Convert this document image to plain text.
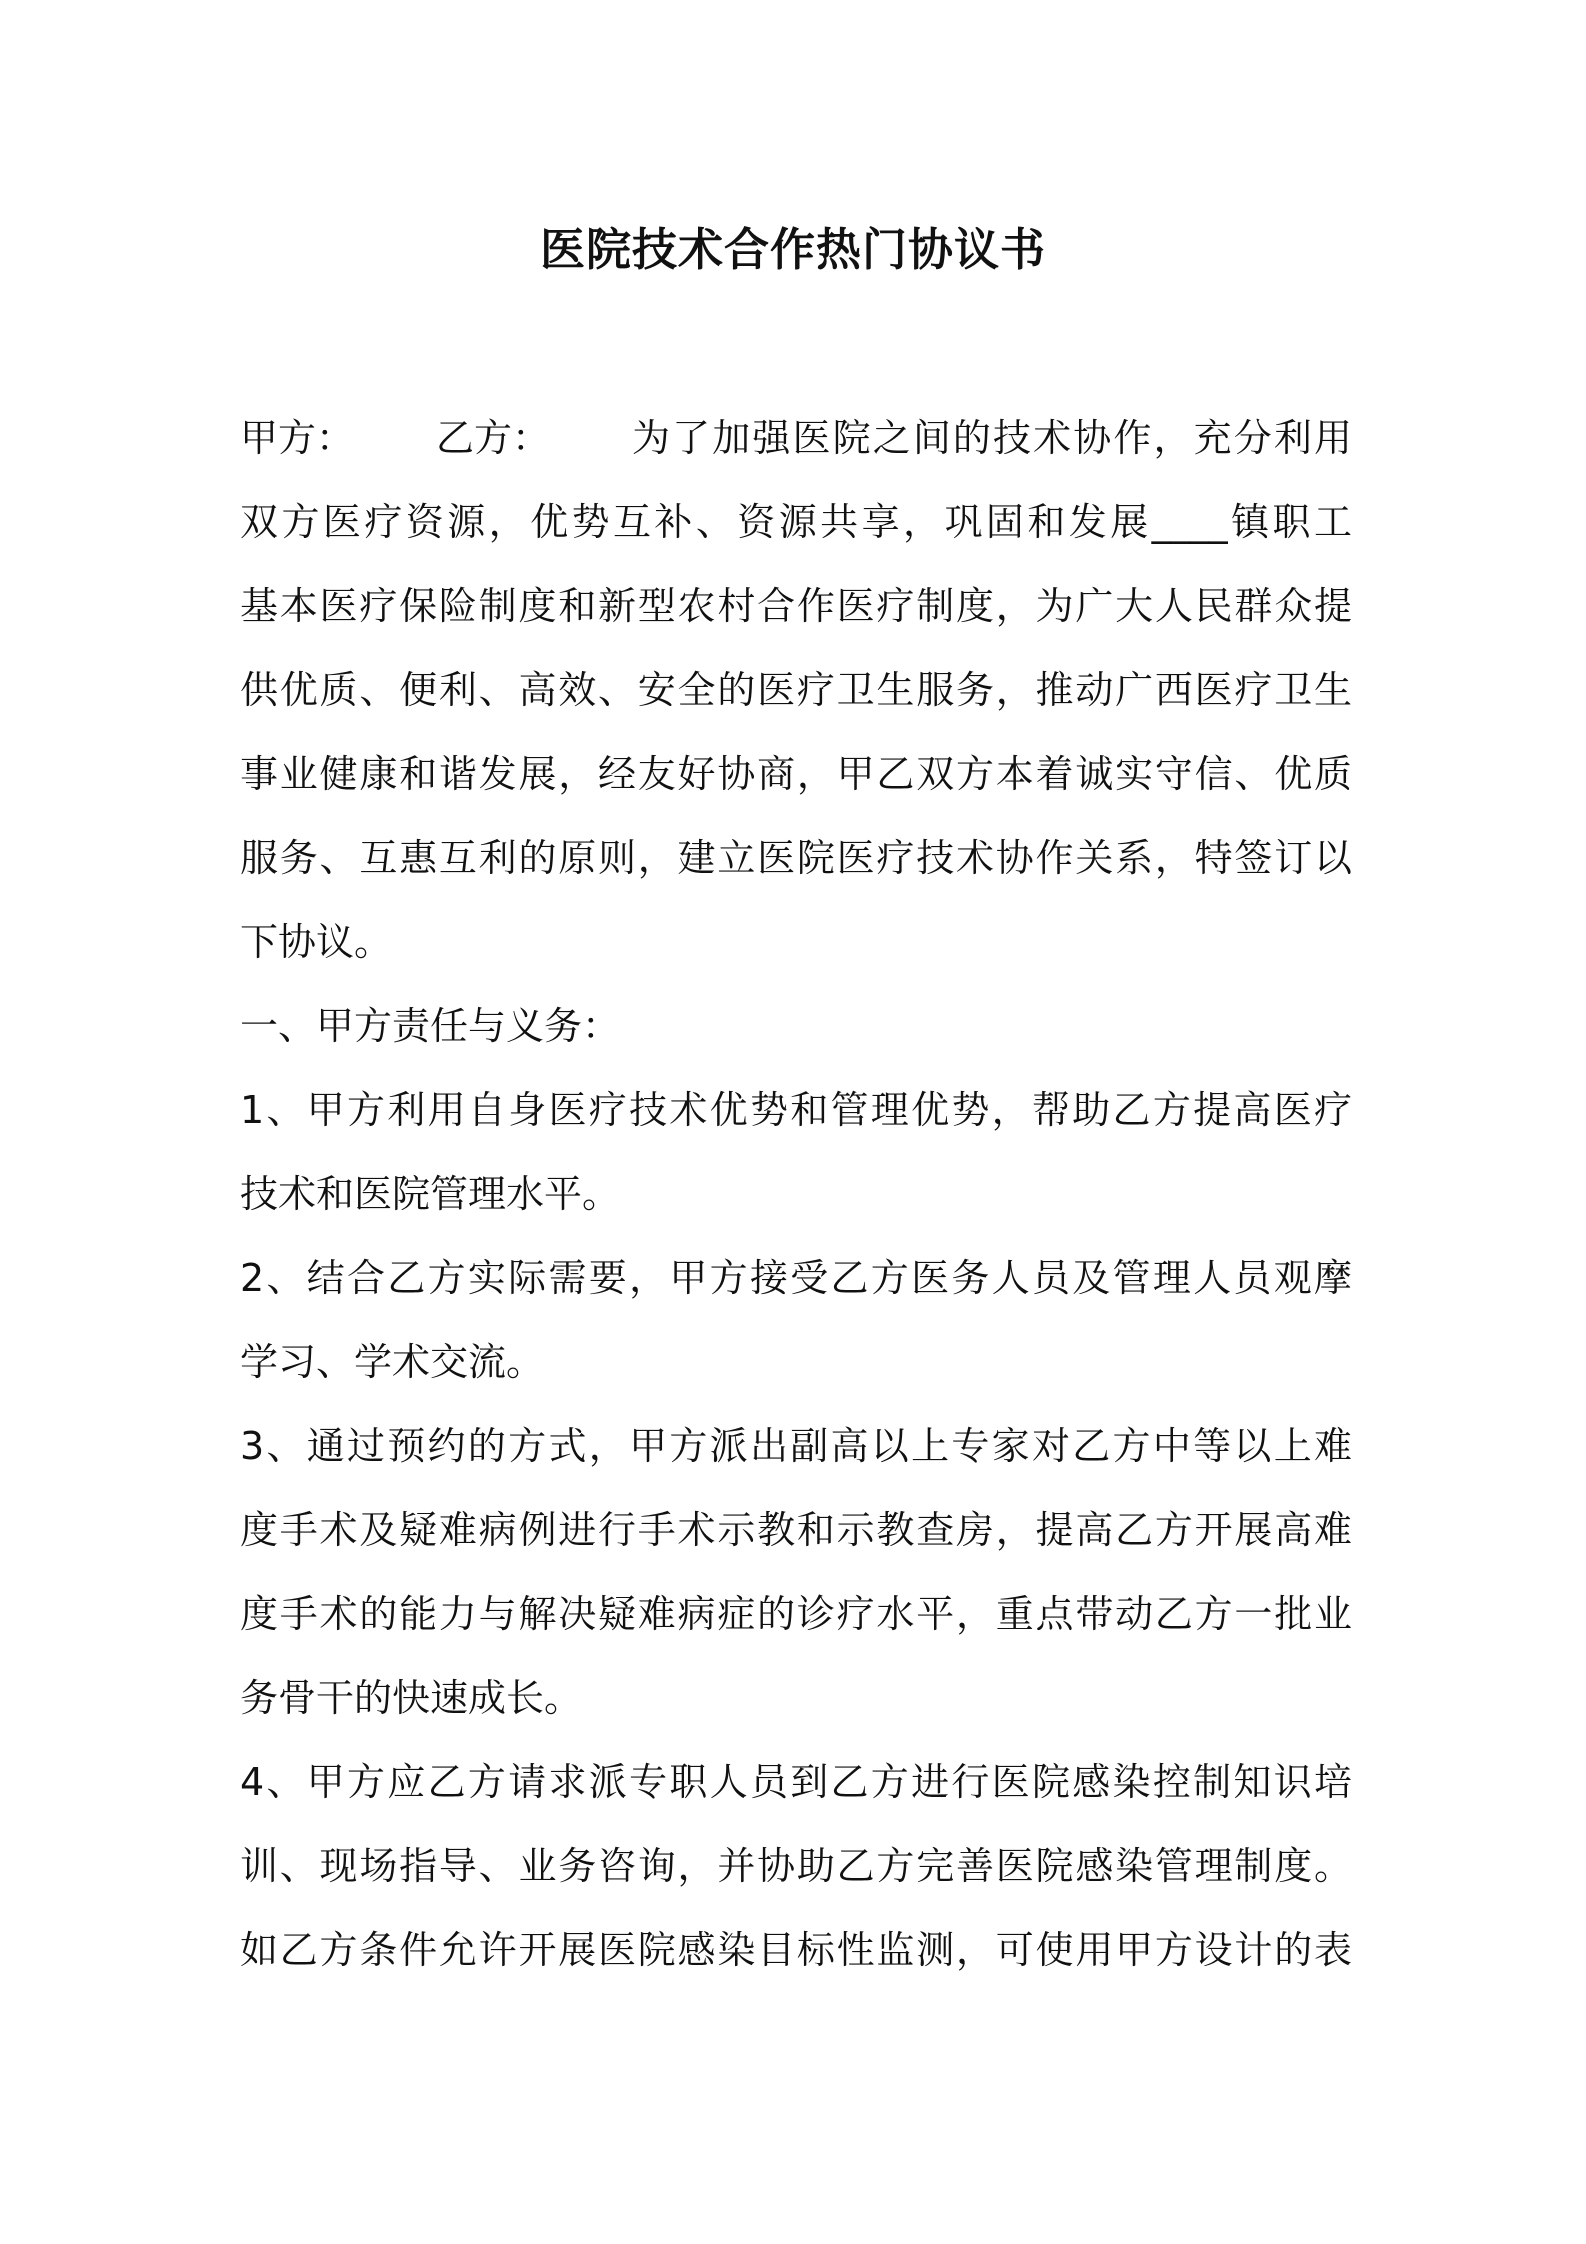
医院技术合作热门协议书
甲方：	乙方：	为了加强医院之间的技术协作，充分利用
双方医疗资源，优势互补、资源共享，巩固和发展____镇职工
基本医疗保险制度和新型农村合作医疗制度，为广大人民群众提
供优质、便利、高效、安全的医疗卫生服务，推动广西医疗卫生
事业健康和谐发展，经友好协商，甲乙双方本着诚实守信、优质
服务、互惠互利的原则，建立医院医疗技术协作关系，特签订以
下协议。
一、甲方责任与义务：
1、甲方利用自身医疗技术优势和管理优势，帮助乙方提高医疗
技术和医院管理水平。
2、结合乙方实际需要，甲方接受乙方医务人员及管理人员观摩
学习、学术交流。
3、通过预约的方式，甲方派出副高以上专家对乙方中等以上难
度手术及疑难病例进行手术示教和示教查房，提高乙方开展高难
度手术的能力与解决疑难病症的诊疗水平，重点带动乙方一批业
务骨干的快速成长。
4、甲方应乙方请求派专职人员到乙方进行医院感染控制知识培
训、现场指导、业务咨询，并协助乙方完善医院感染管理制度。
如乙方条件允许开展医院感染目标性监测，可使用甲方设计的表
